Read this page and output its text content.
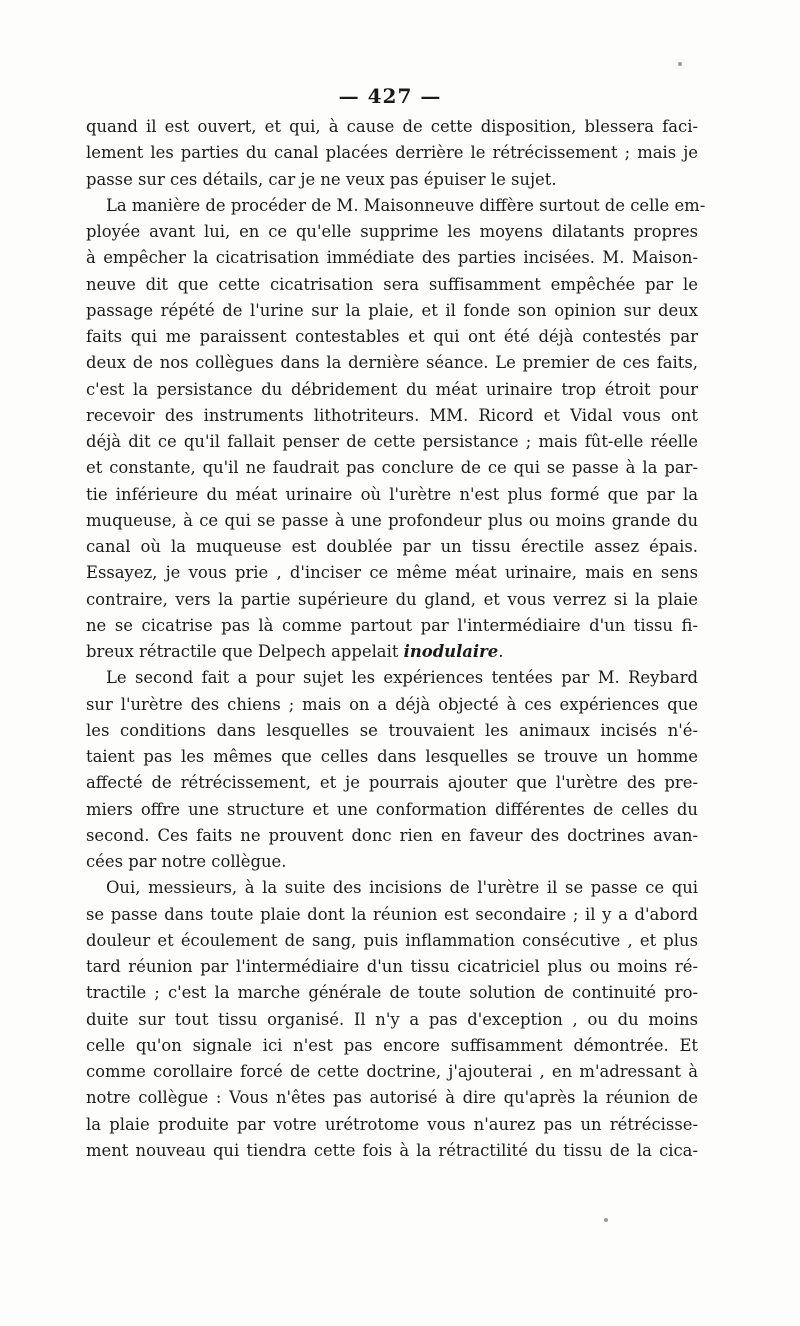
— 427 —
quand il est ouvert, et qui, à cause de cette disposition, blessera faci-
lement les parties du canal placées derrière le rétrécissement ; mais je
passe sur ces détails, car je ne veux pas épuiser le sujet.
La manière de procéder de M. Maisonneuve diffère surtout de celle em-
ployée avant lui, en ce qu'elle supprime les moyens dilatants propres
à empêcher la cicatrisation immédiate des parties incisées. M. Maison-
neuve dit que cette cicatrisation sera suffisamment empêchée par le
passage répété de l'urine sur la plaie, et il fonde son opinion sur deux
faits qui me paraissent contestables et qui ont été déjà contestés par
deux de nos collègues dans la dernière séance. Le premier de ces faits,
c'est la persistance du débridement du méat urinaire trop étroit pour
recevoir des instruments lithotriteurs. MM. Ricord et Vidal vous ont
déjà dit ce qu'il fallait penser de cette persistance ; mais fût-elle réelle
et constante, qu'il ne faudrait pas conclure de ce qui se passe à la par-
tie inférieure du méat urinaire où l'urètre n'est plus formé que par la
muqueuse, à ce qui se passe à une profondeur plus ou moins grande du
canal où la muqueuse est doublée par un tissu érectile assez épais.
Essayez, je vous prie , d'inciser ce même méat urinaire, mais en sens
contraire, vers la partie supérieure du gland, et vous verrez si la plaie
ne se cicatrise pas là comme partout par l'intermédiaire d'un tissu fi-
breux rétractile que Delpech appelait inodulaire.
Le second fait a pour sujet les expériences tentées par M. Reybard
sur l'urètre des chiens ; mais on a déjà objecté à ces expériences que
les conditions dans lesquelles se trouvaient les animaux incisés n'é-
taient pas les mêmes que celles dans lesquelles se trouve un homme
affecté de rétrécissement, et je pourrais ajouter que l'urètre des pre-
miers offre une structure et une conformation différentes de celles du
second. Ces faits ne prouvent donc rien en faveur des doctrines avan-
cées par notre collègue.
Oui, messieurs, à la suite des incisions de l'urètre il se passe ce qui
se passe dans toute plaie dont la réunion est secondaire ; il y a d'abord
douleur et écoulement de sang, puis inflammation consécutive , et plus
tard réunion par l'intermédiaire d'un tissu cicatriciel plus ou moins ré-
tractile ; c'est la marche générale de toute solution de continuité pro-
duite sur tout tissu organisé. Il n'y a pas d'exception , ou du moins
celle qu'on signale ici n'est pas encore suffisamment démontrée. Et
comme corollaire forcé de cette doctrine, j'ajouterai , en m'adressant à
notre collègue : Vous n'êtes pas autorisé à dire qu'après la réunion de
la plaie produite par votre urétrotome vous n'aurez pas un rétrécisse-
ment nouveau qui tiendra cette fois à la rétractilité du tissu de la cica-
